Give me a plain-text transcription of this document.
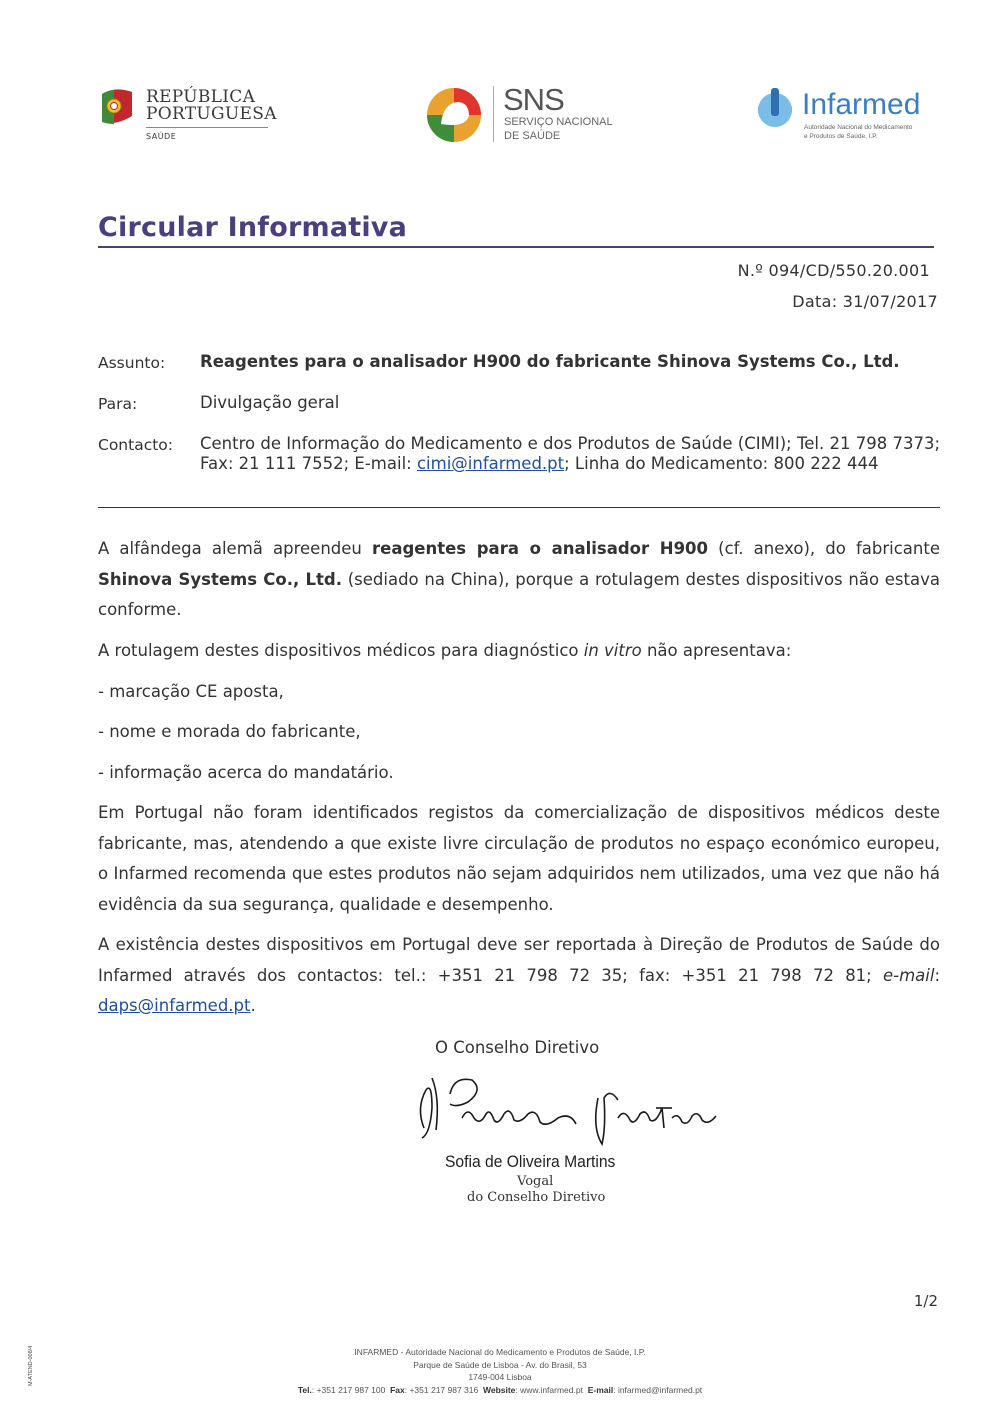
REPÚBLICA
PORTUGUESA
SAÚDE
SNS
SERVIÇO NACIONAL
DE SAÚDE
Infarmed
Autoridade Nacional do Medicamento
e Produtos de Saúde, I.P.
Circular Informativa
N.º 094/CD/550.20.001
Data: 31/07/2017
Assunto: Reagentes para o analisador H900 do fabricante Shinova Systems Co., Ltd.
Para:	Divulgação geral
Contacto: Centro de Informação do Medicamento e dos Produtos de Saúde (CIMI); Tel. 21 798 7373; Fax: 21 111 7552; E-mail: cimi@infarmed.pt; Linha do Medicamento: 800 222 444

A alfândega alemã apreendeu reagentes para o analisador H900 (cf. anexo), do fabricante Shinova Systems Co., Ltd. (sediado na China), porque a rotulagem destes dispositivos não estava conforme.

A rotulagem destes dispositivos médicos para diagnóstico in vitro não apresentava:

- marcação CE aposta,
- nome e morada do fabricante,
- informação acerca do mandatário.
Em Portugal não foram identificados registos da comercialização de dispositivos médicos deste fabricante, mas, atendendo a que existe livre circulação de produtos no espaço económico europeu, o Infarmed recomenda que estes produtos não sejam adquiridos nem utilizados, uma vez que não há evidência da sua segurança, qualidade e desempenho.

A existência destes dispositivos em Portugal deve ser reportada à Direção de Produtos de Saúde do Infarmed através dos contactos: tel.: +351 21 798 72 35; fax: +351 21 798 72 81; e-mail: daps@infarmed.pt.

O Conselho Diretivo
Sofia de Oliveira Martins
Vogal
do Conselho Diretivo
1/2
M-ATEND-008/4	INFARMED - Autoridade Nacional do Medicamento e Produtos de Saúde, I.P.
Parque de Saúde de Lisboa - Av. do Brasil, 53
1749-004 Lisboa
Tel.: +351 217 987 100 Fax: +351 217 987 316 Website: www.infarmed.pt E-mail: infarmed@infarmed.pt
